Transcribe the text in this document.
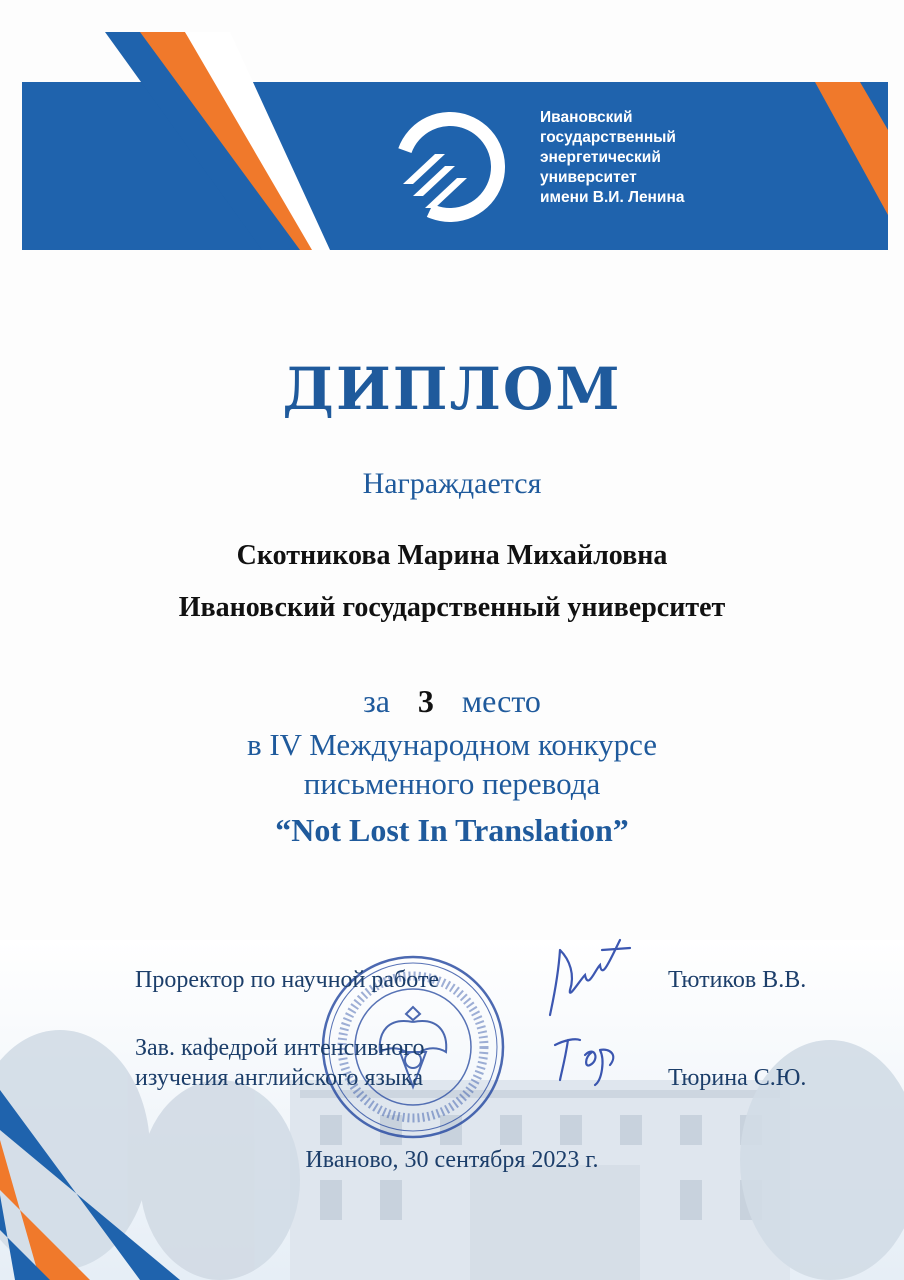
Ивановский
государственный
энергетический
университет
имени В.И. Ленина
ДИПЛОМ
Награждается
Скотникова Марина Михайловна
Ивановский государственный университет
за 3 место
в IV Международном конкурсе
письменного перевода
“Not Lost In Translation”
Проректор по научной работе	Тютиков В.В.
Зав. кафедрой интенсивного
изучения английского языка	Тюрина С.Ю.
Иваново, 30 сентября 2023 г.
